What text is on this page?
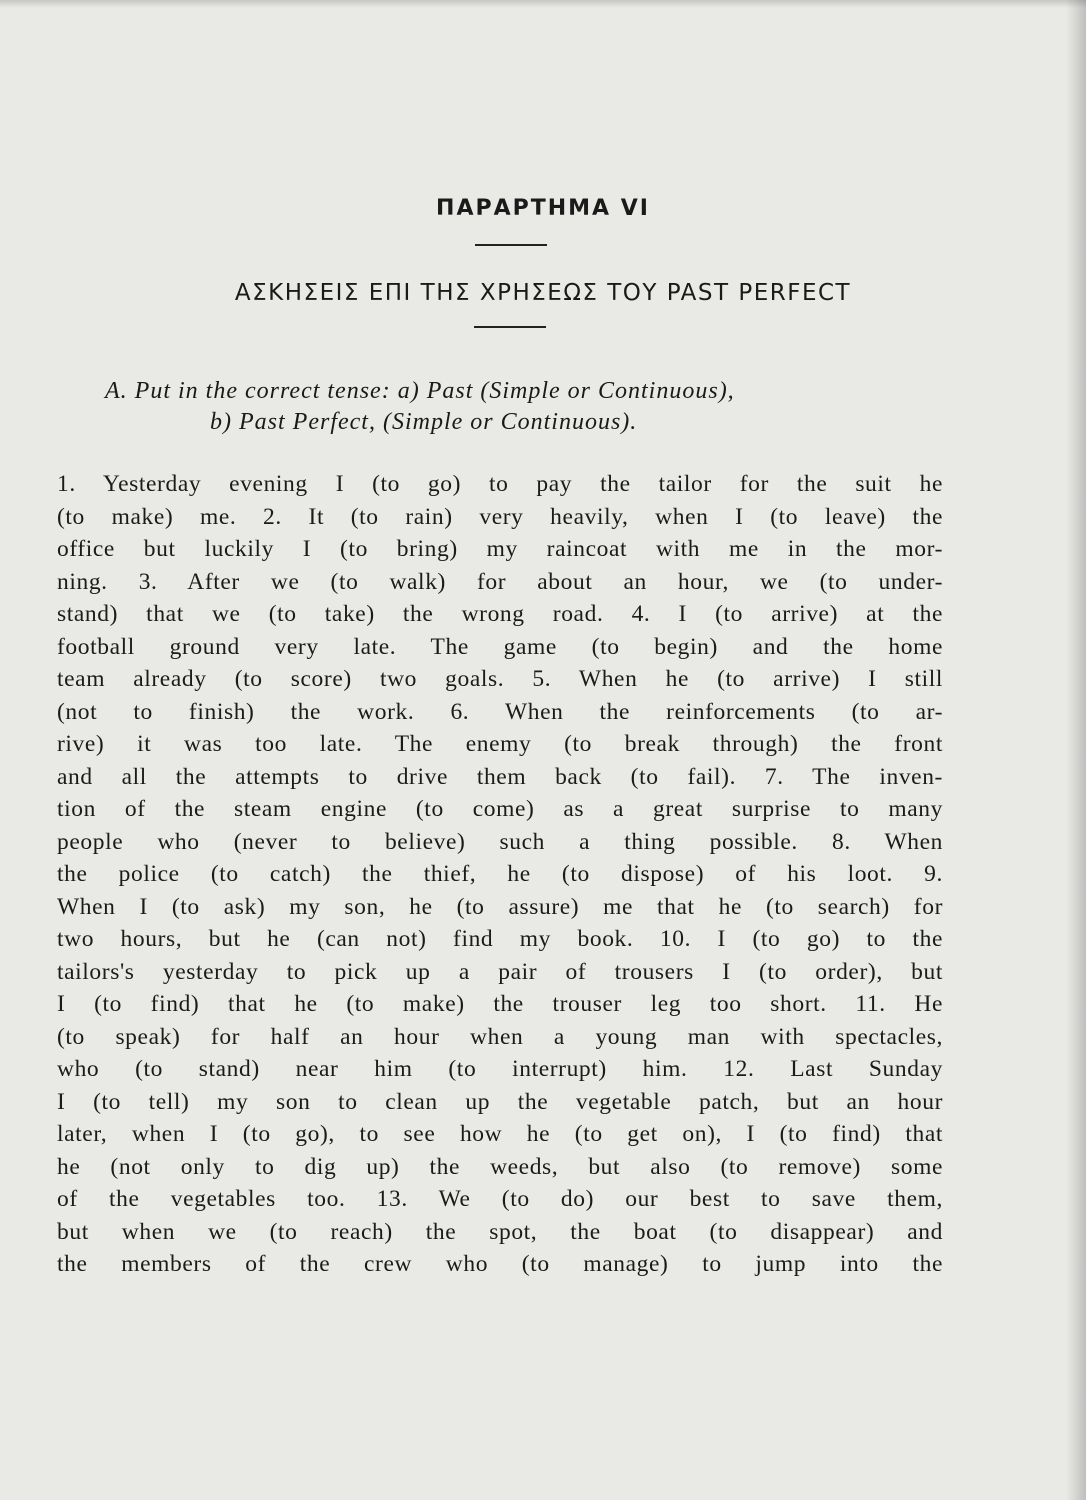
ΠΑΡΑΡΤΗΜΑ VI
ΑΣΚΗΣΕΙΣ ΕΠΙ ΤΗΣ ΧΡΗΣΕΩΣ ΤΟΥ PAST PERFECT
A. Put in the correct tense: a) Past (Simple or Continuous),
b) Past Perfect, (Simple or Continuous).
1. Yesterday evening I (to go) to pay the tailor for the suit he
(to make) me. 2. It (to rain) very heavily, when I (to leave) the
office but luckily I (to bring) my raincoat with me in the mor-
ning. 3. After we (to walk) for about an hour, we (to under-
stand) that we (to take) the wrong road. 4. I (to arrive) at the
football ground very late. The game (to begin) and the home
team already (to score) two goals. 5. When he (to arrive) I still
(not to finish) the work. 6. When the reinforcements (to ar-
rive) it was too late. The enemy (to break through) the front
and all the attempts to drive them back (to fail). 7. The inven-
tion of the steam engine (to come) as a great surprise to many
people who (never to believe) such a thing possible. 8. When
the police (to catch) the thief, he (to dispose) of his loot. 9.
When I (to ask) my son, he (to assure) me that he (to search) for
two hours, but he (can not) find my book. 10. I (to go) to the
tailors's yesterday to pick up a pair of trousers I (to order), but
I (to find) that he (to make) the trouser leg too short. 11. He
(to speak) for half an hour when a young man with spectacles,
who (to stand) near him (to interrupt) him. 12. Last Sunday
I (to tell) my son to clean up the vegetable patch, but an hour
later, when I (to go), to see how he (to get on), I (to find) that
he (not only to dig up) the weeds, but also (to remove) some
of the vegetables too. 13. We (to do) our best to save them,
but when we (to reach) the spot, the boat (to disappear) and
the members of the crew who (to manage) to jump into the
